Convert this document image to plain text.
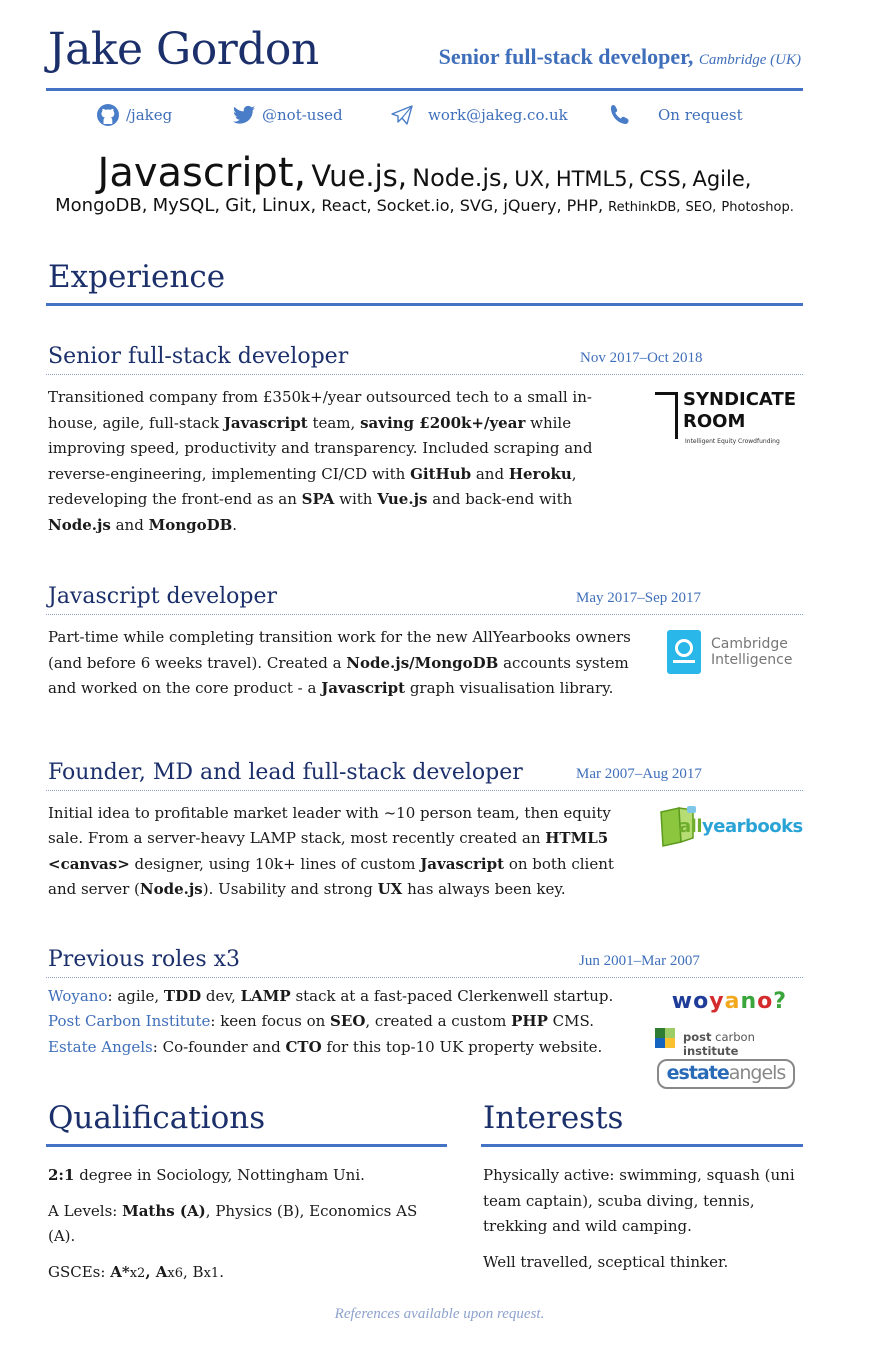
Jake Gordon	Senior full-stack developer, Cambridge (UK)
/jakeg	@not-used	work@jakeg.co.uk	On request
Javascript, Vue.js, Node.js, UX, HTML5, CSS, Agile,
MongoDB, MySQL, Git, Linux, React, Socket.io, SVG, jQuery, PHP, RethinkDB, SEO, Photoshop.
Experience
Senior full-stack developer	Nov 2017–Oct 2018
Transitioned company from £350k+/year outsourced tech to a small in-house, agile, full-stack Javascript team, saving £200k+/year while improving speed, productivity and transparency. Included scraping and reverse-engineering, implementing CI/CD with GitHub and Heroku, redeveloping the front-end as an SPA with Vue.js and back-end with Node.js and MongoDB.
SYNDICATE
ROOM
Intelligent Equity Crowdfunding
Javascript developer	May 2017–Sep 2017
Part-time while completing transition work for the new AllYearbooks owners (and before 6 weeks travel). Created a Node.js/MongoDB accounts system and worked on the core product - a Javascript graph visualisation library.
Cambridge
Intelligence
Founder, MD and lead full-stack developer	Mar 2007–Aug 2017
Initial idea to profitable market leader with ~10 person team, then equity sale. From a server-heavy LAMP stack, most recently created an HTML5 <canvas> designer, using 10k+ lines of custom Javascript on both client and server (Node.js). Usability and strong UX has always been key.
allyearbooks
Previous roles x3	Jun 2001–Mar 2007
Woyano: agile, TDD dev, LAMP stack at a fast-paced Clerkenwell startup.
Post Carbon Institute: keen focus on SEO, created a custom PHP CMS.
Estate Angels: Co-founder and CTO for this top-10 UK property website.
woyano?
post carbon institute
estateangels
Qualifications

2:1 degree in Sociology, Nottingham Uni.

A Levels: Maths (A), Physics (B), Economics AS (A).

GSCEs: A*x2, Ax6, Bx1.

Interests

Physically active: swimming, squash (uni team captain), scuba diving, tennis, trekking and wild camping.

Well travelled, sceptical thinker.

References available upon request.
